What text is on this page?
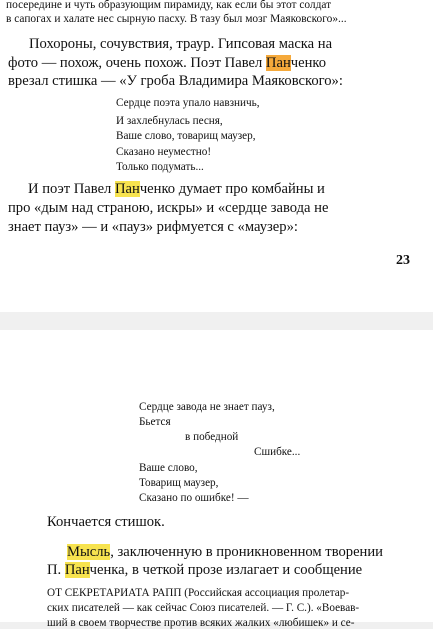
посередине и чуть образующим пирамиду, как если бы этот солдат
в сапогах и халате нес сырную пасху. В тазу был мозг Маяковского»...
Похороны, сочувствия, траур. Гипсовая маска на
фото — похож, очень похож. Поэт Павел Панченко
врезал стишка — «У гроба Владимира Маяковского»:
Сердце поэта упало навзничь,
И захлебнулась песня,
Ваше слово, товарищ маузер,
Сказано неуместно!
Только подумать...
И поэт Павел Панченко думает про комбайны и
про «дым над страною, искры» и «сердце завода не
знает пауз» — и «пауз» рифмуется с «маузер»:
23
Сердце завода не знает пауз,
Бьется
в победной
Сшибке...
Ваше слово,
Товарищ маузер,
Сказано по ошибке! —
Кончается стишок.
Мысль, заключенную в проникновенном творении
П. Панченка, в четкой прозе излагает и сообщение
ОТ СЕКРЕТАРИАТА РАПП (Российская ассоциация пролетар-
ских писателей — как сейчас Союз писателей. — Г. С.). «Воевав-
ший в своем творчестве против всяких жалких «любишек» и се-
